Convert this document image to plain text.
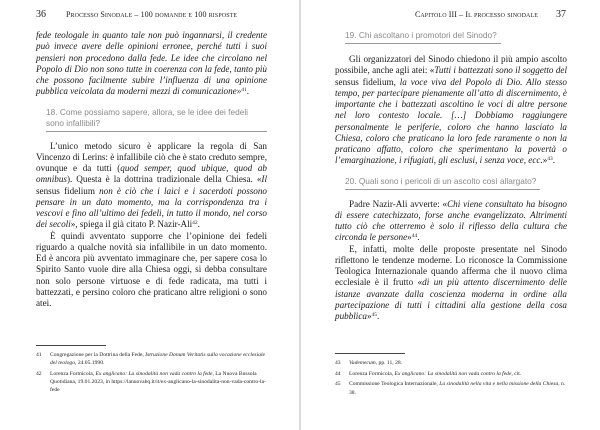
36	Processo Sinodale – 100 domande e 100 risposte

fede teologale in quanto tale non può ingannarsi, il credente può invece avere delle opinioni erronee, perché tutti i suoi pensieri non procedono dalla fede. Le idee che circolano nel Popolo di Dio non sono tutte in coerenza con la fede, tanto più che possono facilmente subire l’influenza di una opinione pubblica veicolata da moderni mezzi di comunicazione»$^{41}$.

18. Come possiamo sapere, allora, se le idee dei fedeli sono infallibili?

L’unico metodo sicuro è applicare la regola di San Vincenzo di Lerins: è infallibile ciò che è stato creduto sempre, ovunque e da tutti (quod semper, quod ubique, quod ab omnibus). Questa è la dottrina tradizionale della Chiesa. «Il sensus fidelium non è ciò che i laici e i sacerdoti possono pensare in un dato momento, ma la corrispondenza tra i vescovi e fino all’ultimo dei fedeli, in tutto il mondo, nel corso dei secoli», spiega il già citato P. Nazir-Ali$^{42}$.

È quindi avventato supporre che l’opinione dei fedeli riguardo a qualche novità sia infallibile in un dato momento. Ed è ancora più avventato immaginare che, per sapere cosa lo Spirito Santo vuole dire alla Chiesa oggi, si debba consultare non solo persone virtuose e di fede radicata, ma tutti i battezzati, e persino coloro che praticano altre religioni o sono atei.

41	Congregazione per la Dottrina della Fede, Istruzione Donum Veritatis sulla vocazione ecclesiale del teologo, 24.05.1990.
42	Lorenza Formicola, Ex anglicano: La sinodalità non vada contro la fede, La Nuova Bussola Quotidiana, 19.01.2023, in https://lanuovabq.it/it/ex-anglicano-la-sinodalita-non-vada-contro-la-fede
Capitolo III – Il processo sinodale 37
19. Chi ascoltano i promotori del Sinodo?

Gli organizzatori del Sinodo chiedono il più ampio ascolto possibile, anche agli atei: «Tutti i battezzati sono il soggetto del sensus fidelium, la voce viva del Popolo di Dio. Allo stesso tempo, per partecipare pienamente all’atto di discernimento, è importante che i battezzati ascoltino le voci di altre persone nel loro contesto locale. […] Dobbiamo raggiungere personalmente le periferie, coloro che hanno lasciato la Chiesa, coloro che praticano la loro fede raramente o non la praticano affatto, coloro che sperimentano la povertà o l’emarginazione, i rifugiati, gli esclusi, i senza voce, ecc.»$^{43}$.

20. Quali sono i pericoli di un ascolto così allargato?

Padre Nazir-Ali avverte: «Chi viene consultato ha bisogno di essere catechizzato, forse anche evangelizzato. Altrimenti tutto ciò che otterremo è solo il riflesso della cultura che circonda le persone»$^{44}$.

E, infatti, molte delle proposte presentate nel Sinodo riflettono le tendenze moderne. Lo riconosce la Commissione Teologica Internazionale quando afferma che il nuovo clima ecclesiale è il frutto «di un più attento discernimento delle istanze avanzate dalla coscienza moderna in ordine alla partecipazione di tutti i cittadini alla gestione della cosa pubblica»$^{45}$.

43	Vademecum, pp. 11, 28.
44	Lorenza Formicola, Ex anglicano: La sinodalità non vada contro la fede, cit.
45	Commissione Teologica Internazionale, La sinodalità nella vita e nella missione della Chiesa, n. 38.
